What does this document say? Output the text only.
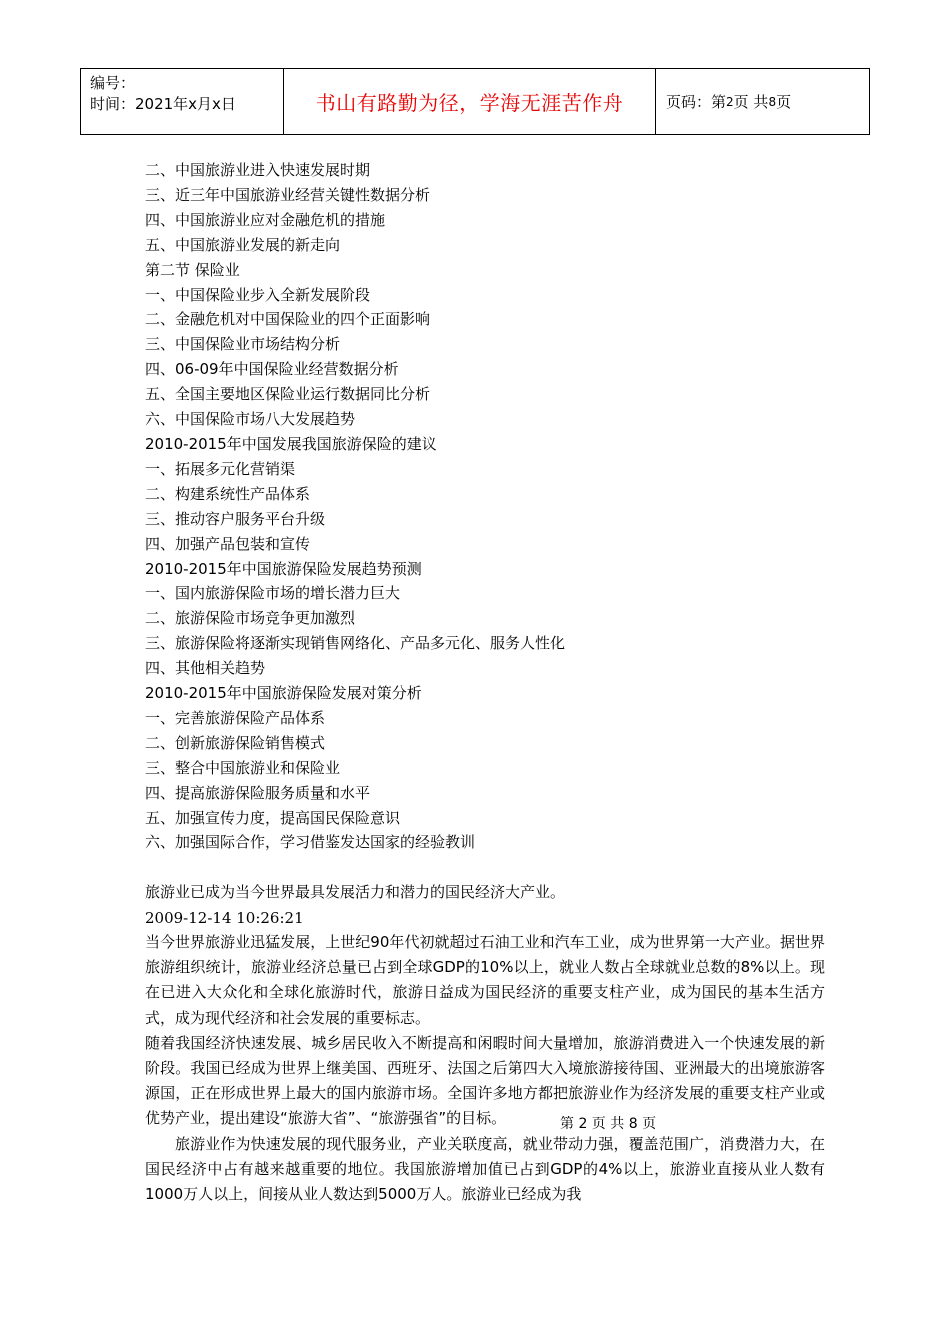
编号：
时间：2021年x月x日	书山有路勤为径，学海无涯苦作舟	页码：第 2 页 共 8 页
二、中国旅游业进入快速发展时期
三、近三年中国旅游业经营关键性数据分析
四、中国旅游业应对金融危机的措施
五、中国旅游业发展的新走向
第二节 保险业
一、中国保险业步入全新发展阶段
二、金融危机对中国保险业的四个正面影响
三、中国保险业市场结构分析
四、06-09年中国保险业经营数据分析
五、全国主要地区保险业运行数据同比分析
六、中国保险市场八大发展趋势
2010-2015年中国发展我国旅游保险的建议
一、拓展多元化营销渠
二、构建系统性产品体系
三、推动容户服务平台升级
四、加强产品包装和宣传
2010-2015年中国旅游保险发展趋势预测
一、国内旅游保险市场的增长潜力巨大
二、旅游保险市场竞争更加激烈
三、旅游保险将逐渐实现销售网络化、产品多元化、服务人性化
四、其他相关趋势
2010-2015年中国旅游保险发展对策分析
一、完善旅游保险产品体系
二、创新旅游保险销售模式
三、整合中国旅游业和保险业
四、提高旅游保险服务质量和水平
五、加强宣传力度，提高国民保险意识
六、加强国际合作，学习借鉴发达国家的经验教训
旅游业已成为当今世界最具发展活力和潜力的国民经济大产业。
2009-12-14 10:26:21

当今世界旅游业迅猛发展，上世纪90年代初就超过石油工业和汽车工业，成为世界第一大产业。据世界旅游组织统计，旅游业经济总量已占到全球GDP的10%以上，就业人数占全球就业总数的8%以上。现在已进入大众化和全球化旅游时代，旅游日益成为国民经济的重要支柱产业，成为国民的基本生活方式，成为现代经济和社会发展的重要标志。

随着我国经济快速发展、城乡居民收入不断提高和闲暇时间大量增加，旅游消费进入一个快速发展的新阶段。我国已经成为世界上继美国、西班牙、法国之后第四大入境旅游接待国、亚洲最大的出境旅游客源国，正在形成世界上最大的国内旅游市场。全国许多地方都把旅游业作为经济发展的重要支柱产业或优势产业，提出建设“旅游大省”、“旅游强省”的目标。

旅游业作为快速发展的现代服务业，产业关联度高，就业带动力强，覆盖范围广，消费潜力大，在国民经济中占有越来越重要的地位。我国旅游增加值已占到GDP的4%以上，旅游业直接从业人数有1000万人以上，间接从业人数达到5000万人。旅游业已经成为我

第 2 页 共 8 页
